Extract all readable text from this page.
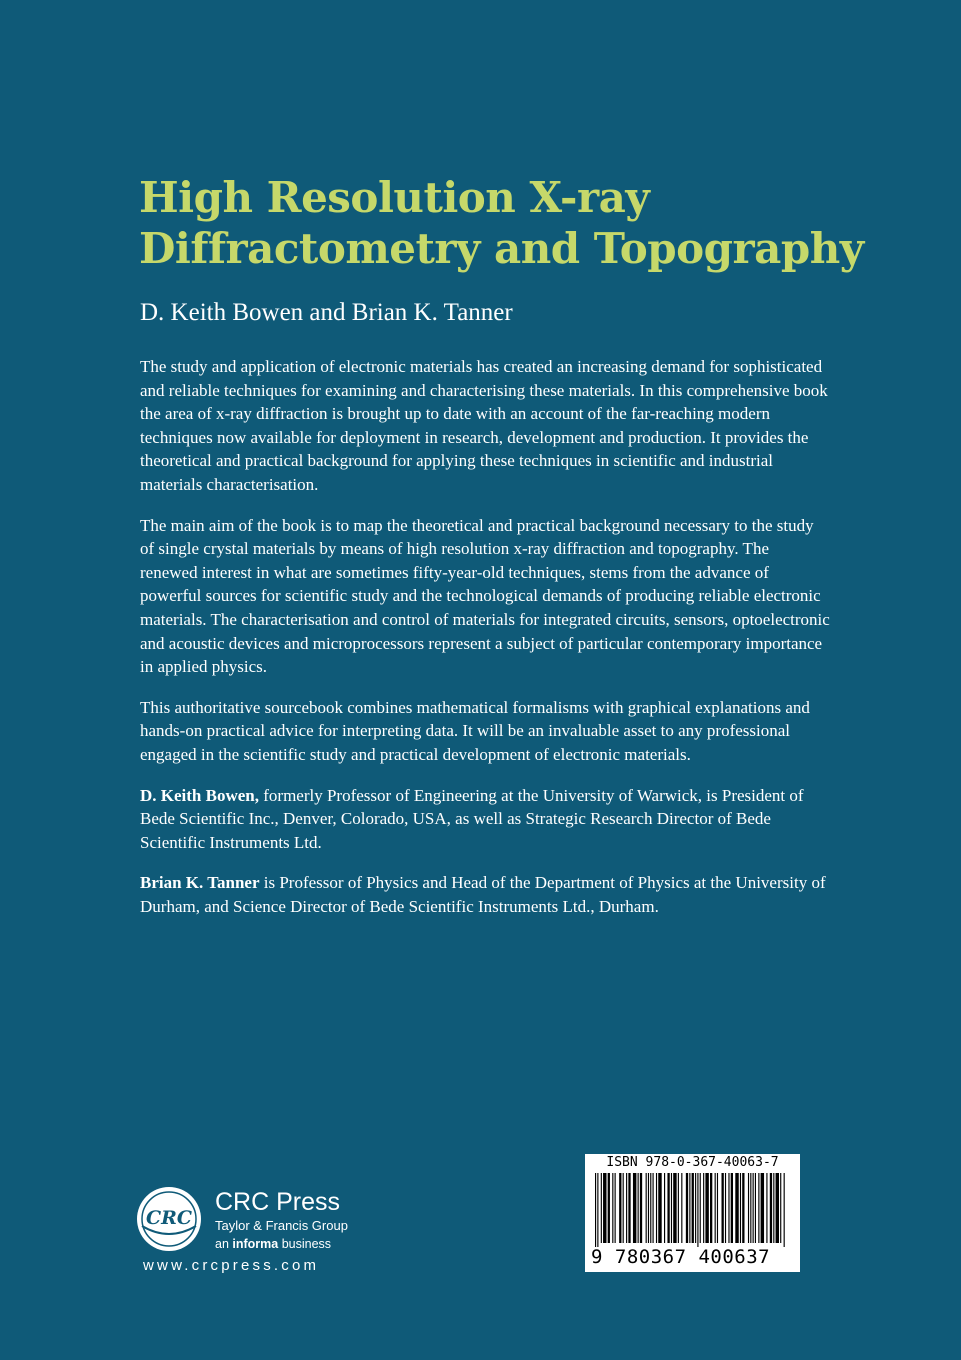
High Resolution X-ray
Diffractometry and Topography
D. Keith Bowen and Brian K. Tanner

The study and application of electronic materials has created an increasing demand for sophisticated and reliable techniques for examining and characterising these materials. In this comprehensive book the area of x-ray diffraction is brought up to date with an account of the far-reaching modern techniques now available for deployment in research, development and production. It provides the theoretical and practical background for applying these techniques in scientific and industrial materials characterisation.

The main aim of the book is to map the theoretical and practical background necessary to the study of single crystal materials by means of high resolution x-ray diffraction and topography. The renewed interest in what are sometimes fifty-year-old techniques, stems from the advance of powerful sources for scientific study and the technological demands of producing reliable electronic materials. The characterisation and control of materials for integrated circuits, sensors, optoelectronic and acoustic devices and microprocessors represent a subject of particular contemporary importance in applied physics.

This authoritative sourcebook combines mathematical formalisms with graphical explanations and hands-on practical advice for interpreting data. It will be an invaluable asset to any professional engaged in the scientific study and practical development of electronic materials.

D. Keith Bowen, formerly Professor of Engineering at the University of Warwick, is President of Bede Scientific Inc., Denver, Colorado, USA, as well as Strategic Research Director of Bede Scientific Instruments Ltd.

Brian K. Tanner is Professor of Physics and Head of the Department of Physics at the University of Durham, and Science Director of Bede Scientific Instruments Ltd., Durham.

CRC
CRC Press
Taylor & Francis Group
an informa business
www.crcpress.com
ISBN 978-0-367-40063-7
9 780367 400637
